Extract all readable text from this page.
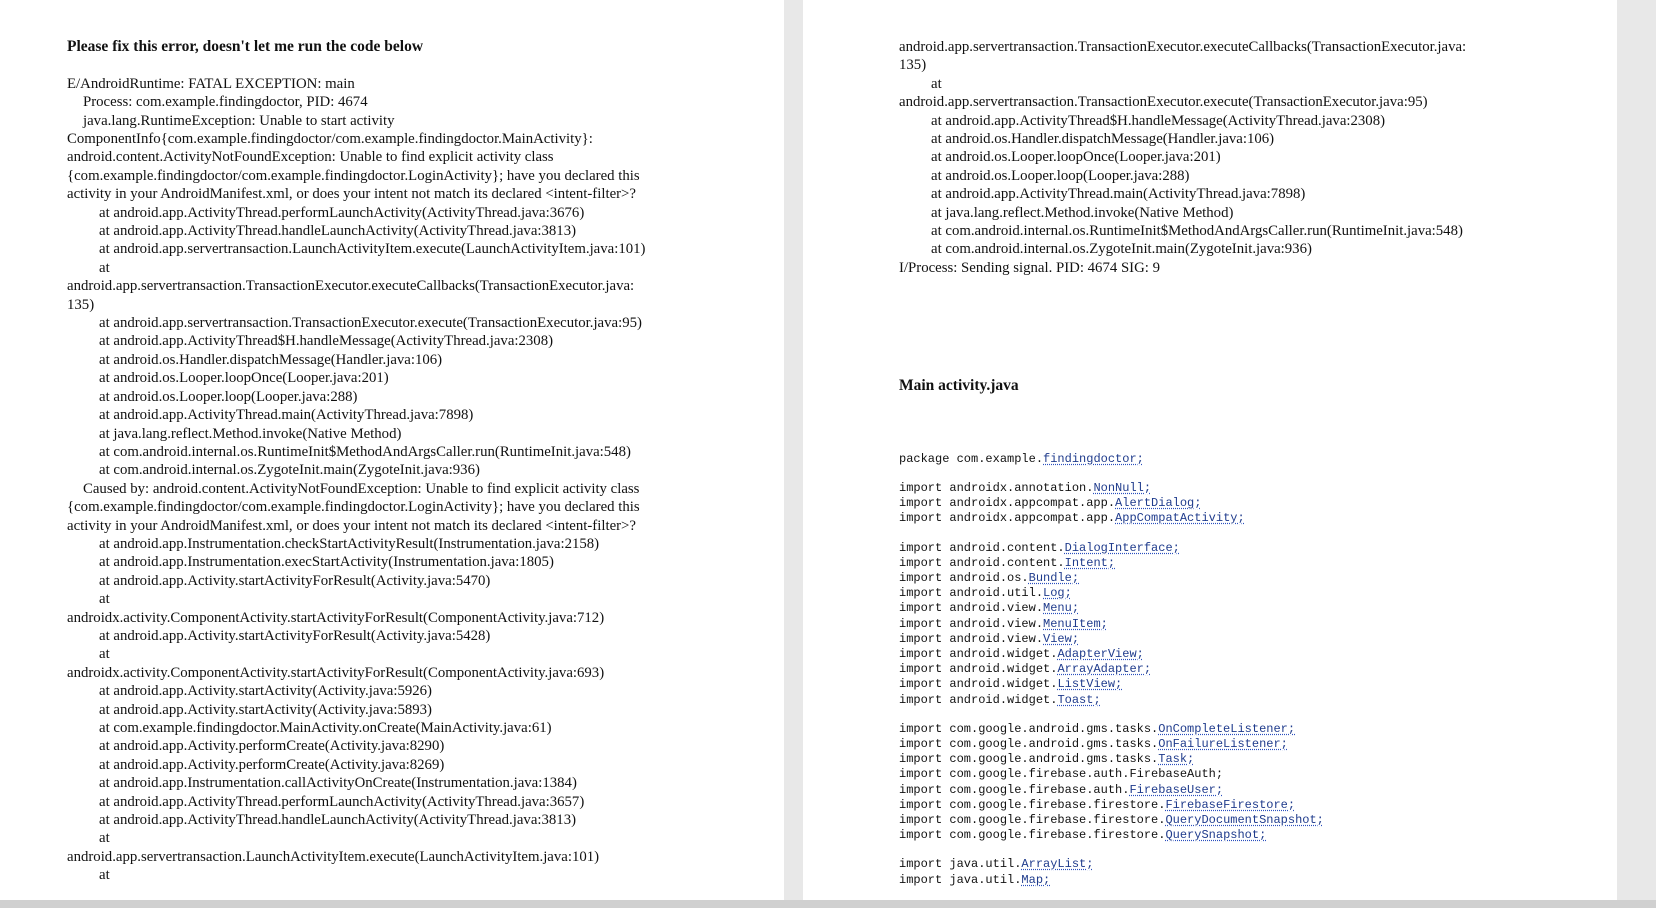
Please fix this error, doesn't let me run the code below

E/AndroidRuntime: FATAL EXCEPTION: main
Process: com.example.findingdoctor, PID: 4674
java.lang.RuntimeException: Unable to start activity
ComponentInfo{com.example.findingdoctor/com.example.findingdoctor.MainActivity}:
android.content.ActivityNotFoundException: Unable to find explicit activity class
{com.example.findingdoctor/com.example.findingdoctor.LoginActivity}; have you declared this
activity in your AndroidManifest.xml, or does your intent not match its declared <intent-filter>?
at android.app.ActivityThread.performLaunchActivity(ActivityThread.java:3676)
at android.app.ActivityThread.handleLaunchActivity(ActivityThread.java:3813)
at android.app.servertransaction.LaunchActivityItem.execute(LaunchActivityItem.java:101)
at
android.app.servertransaction.TransactionExecutor.executeCallbacks(TransactionExecutor.java:
135)
at android.app.servertransaction.TransactionExecutor.execute(TransactionExecutor.java:95)
at android.app.ActivityThread$H.handleMessage(ActivityThread.java:2308)
at android.os.Handler.dispatchMessage(Handler.java:106)
at android.os.Looper.loopOnce(Looper.java:201)
at android.os.Looper.loop(Looper.java:288)
at android.app.ActivityThread.main(ActivityThread.java:7898)
at java.lang.reflect.Method.invoke(Native Method)
at com.android.internal.os.RuntimeInit$MethodAndArgsCaller.run(RuntimeInit.java:548)
at com.android.internal.os.ZygoteInit.main(ZygoteInit.java:936)
Caused by: android.content.ActivityNotFoundException: Unable to find explicit activity class
{com.example.findingdoctor/com.example.findingdoctor.LoginActivity}; have you declared this
activity in your AndroidManifest.xml, or does your intent not match its declared <intent-filter>?
at android.app.Instrumentation.checkStartActivityResult(Instrumentation.java:2158)
at android.app.Instrumentation.execStartActivity(Instrumentation.java:1805)
at android.app.Activity.startActivityForResult(Activity.java:5470)
at
androidx.activity.ComponentActivity.startActivityForResult(ComponentActivity.java:712)
at android.app.Activity.startActivityForResult(Activity.java:5428)
at
androidx.activity.ComponentActivity.startActivityForResult(ComponentActivity.java:693)
at android.app.Activity.startActivity(Activity.java:5926)
at android.app.Activity.startActivity(Activity.java:5893)
at com.example.findingdoctor.MainActivity.onCreate(MainActivity.java:61)
at android.app.Activity.performCreate(Activity.java:8290)
at android.app.Activity.performCreate(Activity.java:8269)
at android.app.Instrumentation.callActivityOnCreate(Instrumentation.java:1384)
at android.app.ActivityThread.performLaunchActivity(ActivityThread.java:3657)
at android.app.ActivityThread.handleLaunchActivity(ActivityThread.java:3813)
at
android.app.servertransaction.LaunchActivityItem.execute(LaunchActivityItem.java:101)
at
android.app.servertransaction.TransactionExecutor.executeCallbacks(TransactionExecutor.java:
135)
at
android.app.servertransaction.TransactionExecutor.execute(TransactionExecutor.java:95)
at android.app.ActivityThread$H.handleMessage(ActivityThread.java:2308)
at android.os.Handler.dispatchMessage(Handler.java:106)
at android.os.Looper.loopOnce(Looper.java:201)
at android.os.Looper.loop(Looper.java:288)
at android.app.ActivityThread.main(ActivityThread.java:7898)
at java.lang.reflect.Method.invoke(Native Method)
at com.android.internal.os.RuntimeInit$MethodAndArgsCaller.run(RuntimeInit.java:548)
at com.android.internal.os.ZygoteInit.main(ZygoteInit.java:936)
I/Process: Sending signal. PID: 4674 SIG: 9

Main activity.java

package com.example.findingdoctor;
import androidx.annotation.NonNull;
import androidx.appcompat.app.AlertDialog;
import androidx.appcompat.app.AppCompatActivity;
import android.content.DialogInterface;
import android.content.Intent;
import android.os.Bundle;
import android.util.Log;
import android.view.Menu;
import android.view.MenuItem;
import android.view.View;
import android.widget.AdapterView;
import android.widget.ArrayAdapter;
import android.widget.ListView;
import android.widget.Toast;
import com.google.android.gms.tasks.OnCompleteListener;
import com.google.android.gms.tasks.OnFailureListener;
import com.google.android.gms.tasks.Task;
import com.google.firebase.auth.FirebaseAuth;
import com.google.firebase.auth.FirebaseUser;
import com.google.firebase.firestore.FirebaseFirestore;
import com.google.firebase.firestore.QueryDocumentSnapshot;
import com.google.firebase.firestore.QuerySnapshot;
import java.util.ArrayList;
import java.util.Map;
